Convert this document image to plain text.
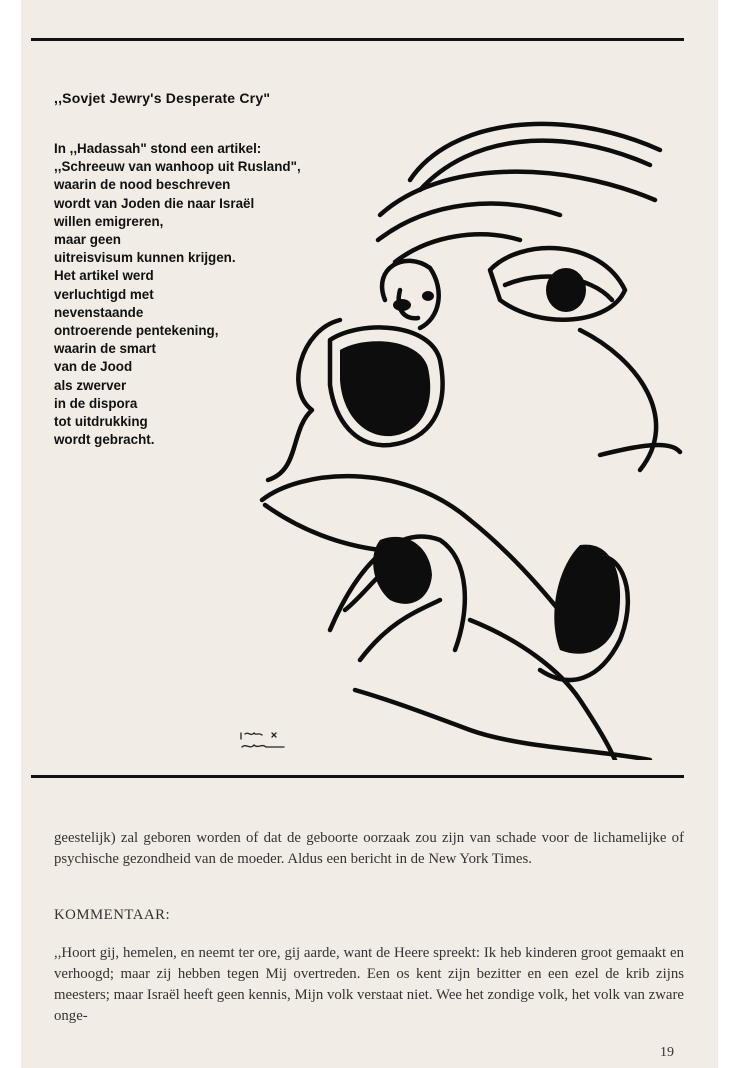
,,Sovjet Jewry's Desperate Cry"
In ,,Hadassah" stond een artikel:
,,Schreeuw van wanhoop uit Rusland",
waarin de nood beschreven
wordt van Joden die naar Israël
willen emigreren,
maar geen
uitreisvisum kunnen krijgen.
Het artikel werd
verluchtigd met
nevenstaande
ontroerende pentekening,
waarin de smart
van de Jood
als zwerver
in de dispora
tot uitdrukking
wordt gebracht.

geestelijk) zal geboren worden of dat de geboorte oorzaak zou zijn van schade voor de lichamelijke of psychische gezondheid van de moeder. Aldus een bericht in de New York Times.

KOMMENTAAR:

,,Hoort gij, hemelen, en neemt ter ore, gij aarde, want de Heere spreekt: Ik heb kinderen groot gemaakt en verhoogd; maar zij hebben tegen Mij overtreden. Een os kent zijn bezitter en een ezel de krib zijns meesters; maar Israël heeft geen kennis, Mijn volk verstaat niet. Wee het zondige volk, het volk van zware onge-

19
